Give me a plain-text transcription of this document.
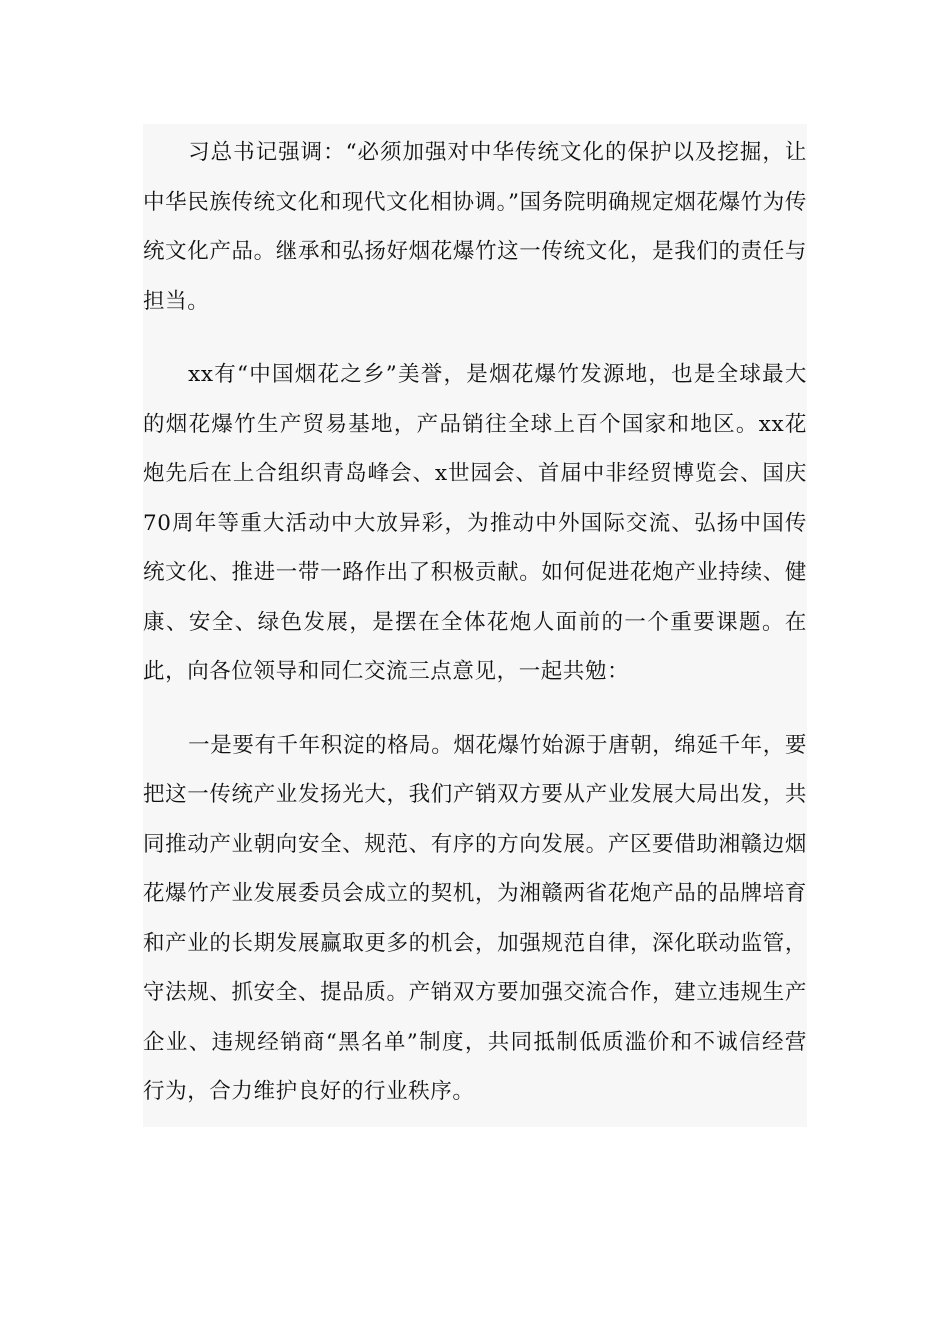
习总书记强调：“必须加强对中华传统文化的保护以及挖掘，让中华民族传统文化和现代文化相协调。”国务院明确规定烟花爆竹为传统文化产品。继承和弘扬好烟花爆竹这一传统文化，是我们的责任与担当。

xx有“中国烟花之乡”美誉，是烟花爆竹发源地，也是全球最大的烟花爆竹生产贸易基地，产品销往全球上百个国家和地区。xx花炮先后在上合组织青岛峰会、x世园会、首届中非经贸博览会、国庆70周年等重大活动中大放异彩，为推动中外国际交流、弘扬中国传统文化、推进一带一路作出了积极贡献。如何促进花炮产业持续、健康、安全、绿色发展，是摆在全体花炮人面前的一个重要课题。在此，向各位领导和同仁交流三点意见，一起共勉：

一是要有千年积淀的格局。烟花爆竹始源于唐朝，绵延千年，要把这一传统产业发扬光大，我们产销双方要从产业发展大局出发，共同推动产业朝向安全、规范、有序的方向发展。产区要借助湘赣边烟花爆竹产业发展委员会成立的契机，为湘赣两省花炮产品的品牌培育和产业的长期发展赢取更多的机会，加强规范自律，深化联动监管，守法规、抓安全、提品质。产销双方要加强交流合作，建立违规生产企业、违规经销商“黑名单”制度，共同抵制低质滥价和不诚信经营行为，合力维护良好的行业秩序。
